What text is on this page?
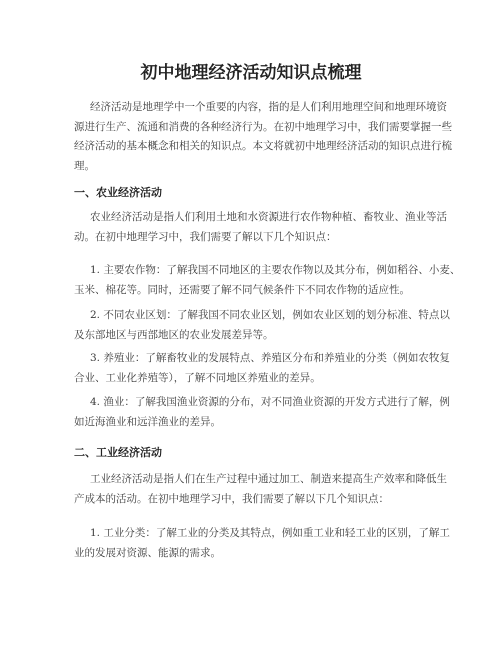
初中地理经济活动知识点梳理

经济活动是地理学中一个重要的内容，指的是人们利用地理空间和地理环境资
源进行生产、流通和消费的各种经济行为。在初中地理学习中，我们需要掌握一些
经济活动的基本概念和相关的知识点。本文将就初中地理经济活动的知识点进行梳
理。

一、农业经济活动

农业经济活动是指人们利用土地和水资源进行农作物种植、畜牧业、渔业等活
动。在初中地理学习中，我们需要了解以下几个知识点：

1. 主要农作物：了解我国不同地区的主要农作物以及其分布，例如稻谷、小麦、
玉米、棉花等。同时，还需要了解不同气候条件下不同农作物的适应性。

2. 不同农业区划：了解我国不同农业区划，例如农业区划的划分标准、特点以
及东部地区与西部地区的农业发展差异等。

3. 养殖业：了解畜牧业的发展特点、养殖区分布和养殖业的分类（例如农牧复
合业、工业化养殖等），了解不同地区养殖业的差异。

4. 渔业：了解我国渔业资源的分布，对不同渔业资源的开发方式进行了解，例
如近海渔业和远洋渔业的差异。

二、工业经济活动

工业经济活动是指人们在生产过程中通过加工、制造来提高生产效率和降低生
产成本的活动。在初中地理学习中，我们需要了解以下几个知识点：

1. 工业分类：了解工业的分类及其特点，例如重工业和轻工业的区别，了解工
业的发展对资源、能源的需求。
